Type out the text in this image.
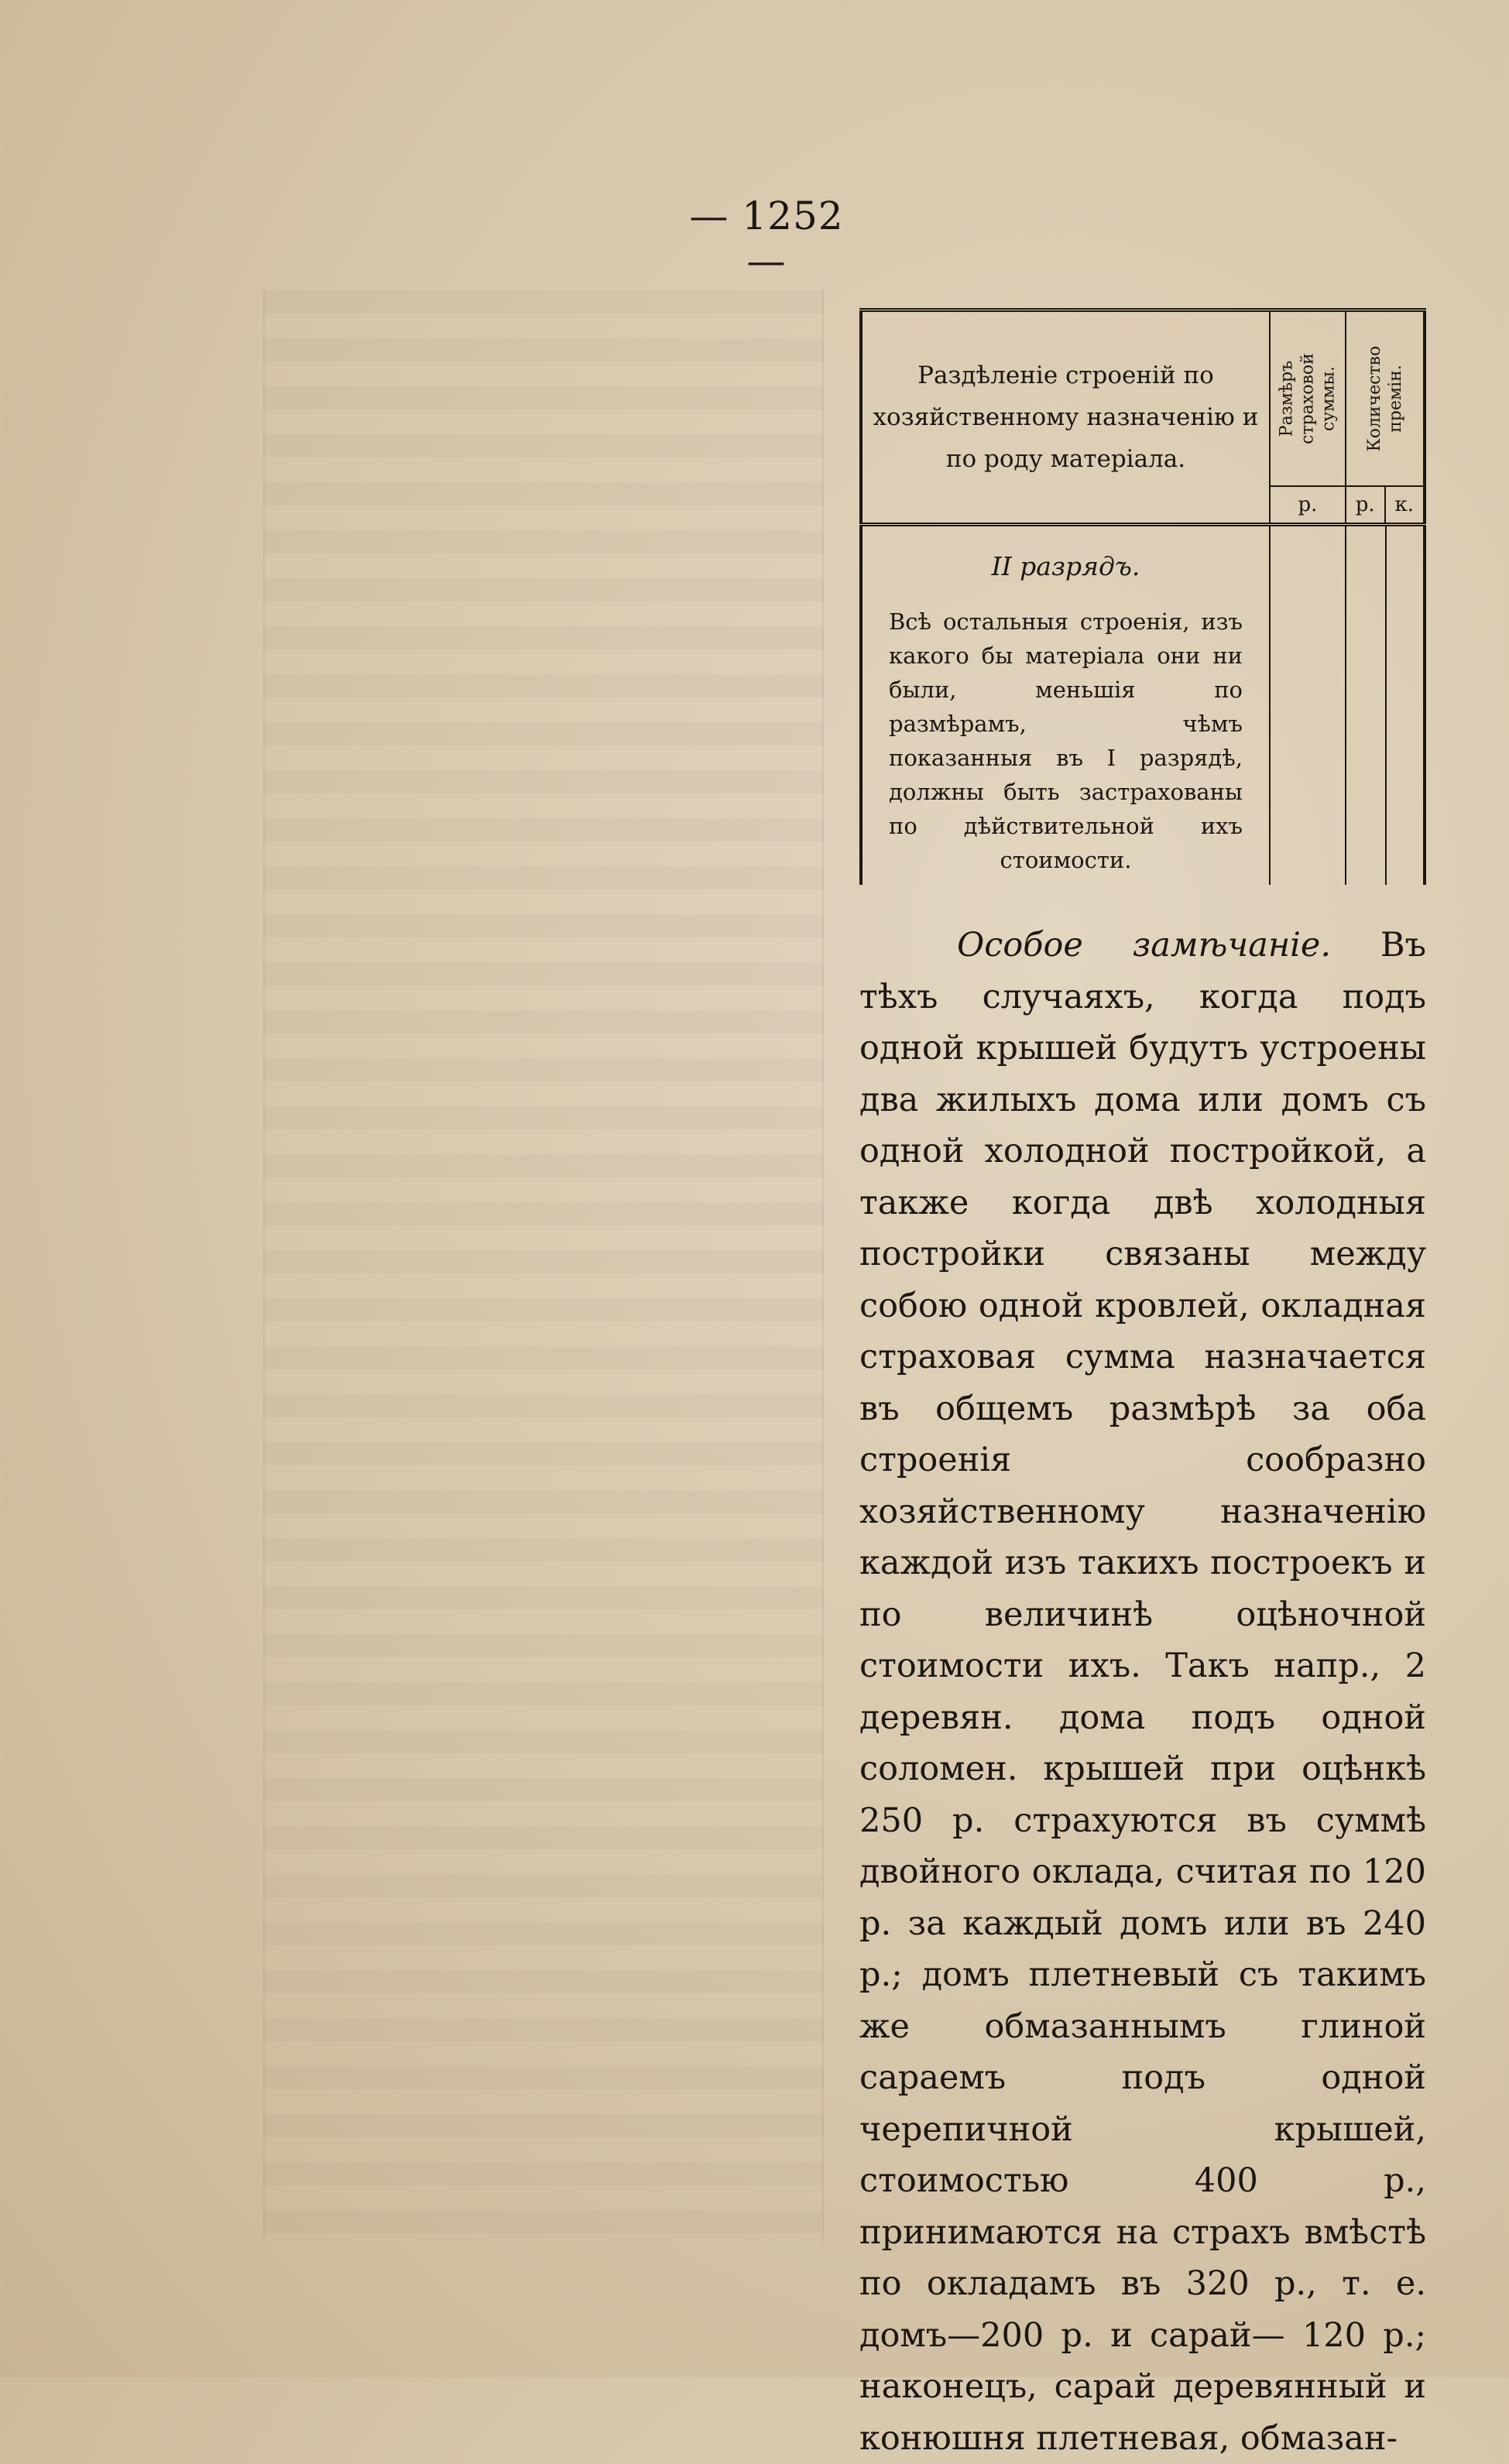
— 1252 —
Раздѣленіе строеній по хозяйственному назначенію и по роду матеріала.	Размѣръ страховой суммы.	Количество премін.

	р.	р. к.

II разрядъ.

Всѣ остальныя строенія, изъ какого бы матеріала они ни были, меньшія по размѣрамъ, чѣмъ показанныя въ I разрядѣ, должны быть застрахованы по дѣйствительной ихъ стоимости.		

Особое замѣчаніе. Въ тѣхъ случаяхъ, когда подъ одной крышей будутъ устроены два жилыхъ дома или домъ съ одной холодной постройкой, а также когда двѣ холодныя постройки связаны между собою одной кровлей, окладная страховая сумма назначается въ общемъ размѣрѣ за оба строенія сообразно хозяйственному назначенію каждой изъ такихъ построекъ и по величинѣ оцѣночной стоимости ихъ. Такъ напр., 2 деревян. дома подъ одной соломен. крышей при оцѣнкѣ 250 р. страхуются въ суммѣ двойного оклада, считая по 120 р. за каждый домъ или въ 240 р.; домъ плетневый съ такимъ же обмазаннымъ глиной сараемъ подъ одной черепичной крышей, стоимостью 400 р., принимаются на страхъ вмѣстѣ по окладамъ въ 320 р., т. е. домъ—200 р. и сарай— 120 р.; наконецъ, сарай деревянный и конюшня плетневая, обмазан-
